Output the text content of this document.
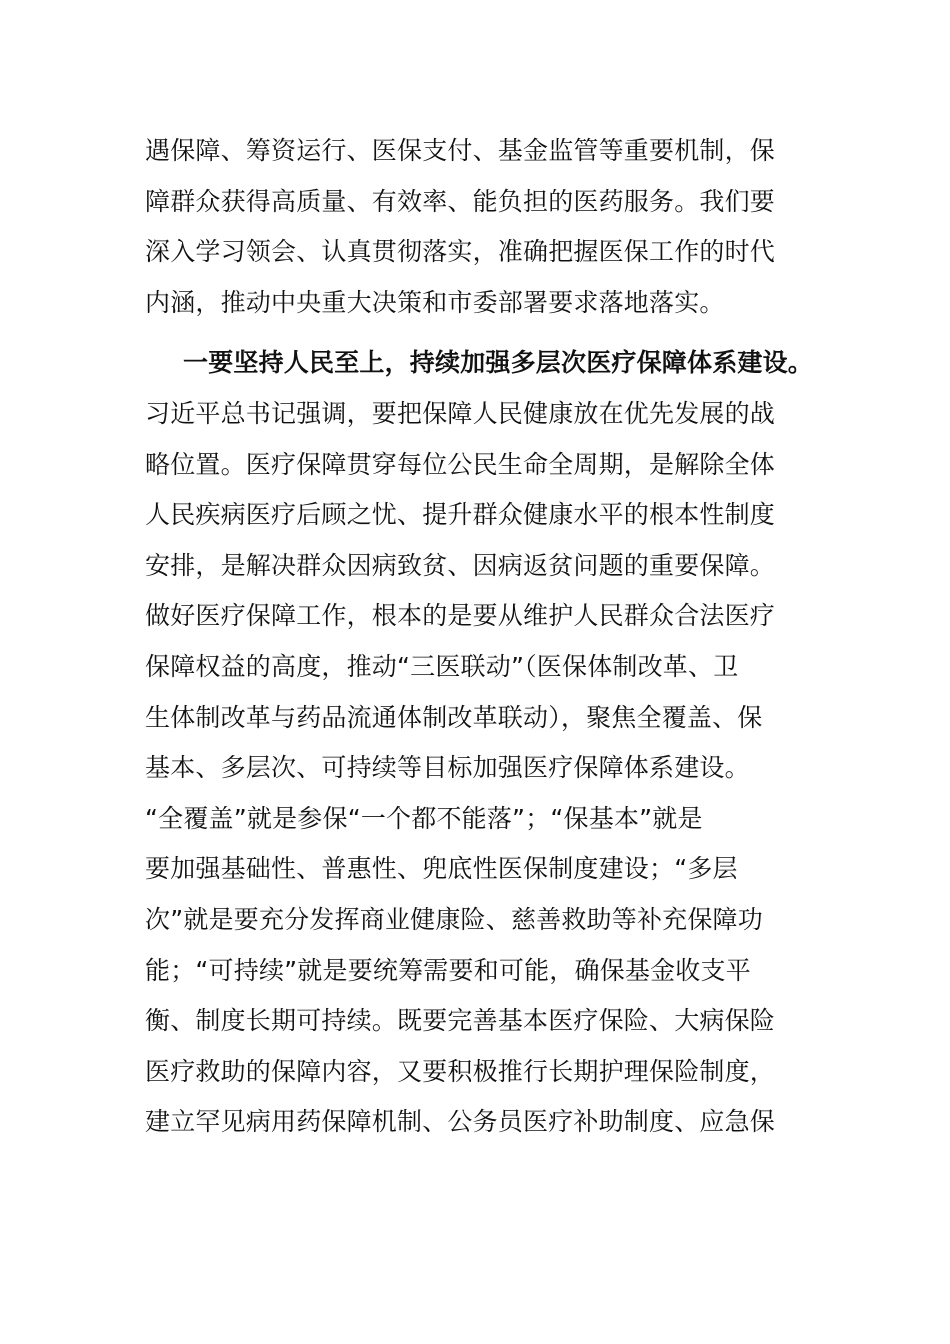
遇保障、筹资运行、医保支付、基金监管等重要机制，保
障群众获得高质量、有效率、能负担的医药服务。我们要
深入学习领会、认真贯彻落实，准确把握医保工作的时代
内涵，推动中央重大决策和市委部署要求落地落实。
一要坚持人民至上，持续加强多层次医疗保障体系建设。
习近平总书记强调，要把保障人民健康放在优先发展的战
略位置。医疗保障贯穿每位公民生命全周期，是解除全体
人民疾病医疗后顾之忧、提升群众健康水平的根本性制度
安排，是解决群众因病致贫、因病返贫问题的重要保障。
做好医疗保障工作，根本的是要从维护人民群众合法医疗
保障权益的高度，推动“三医联动”（医保体制改革、卫
生体制改革与药品流通体制改革联动），聚焦全覆盖、保
基本、多层次、可持续等目标加强医疗保障体系建设。
“全覆盖”就是参保“一个都不能落”；“保基本”就是
要加强基础性、普惠性、兜底性医保制度建设；“多层
次”就是要充分发挥商业健康险、慈善救助等补充保障功
能；“可持续”就是要统筹需要和可能，确保基金收支平
衡、制度长期可持续。既要完善基本医疗保险、大病保险
医疗救助的保障内容，又要积极推行长期护理保险制度，
建立罕见病用药保障机制、公务员医疗补助制度、应急保
